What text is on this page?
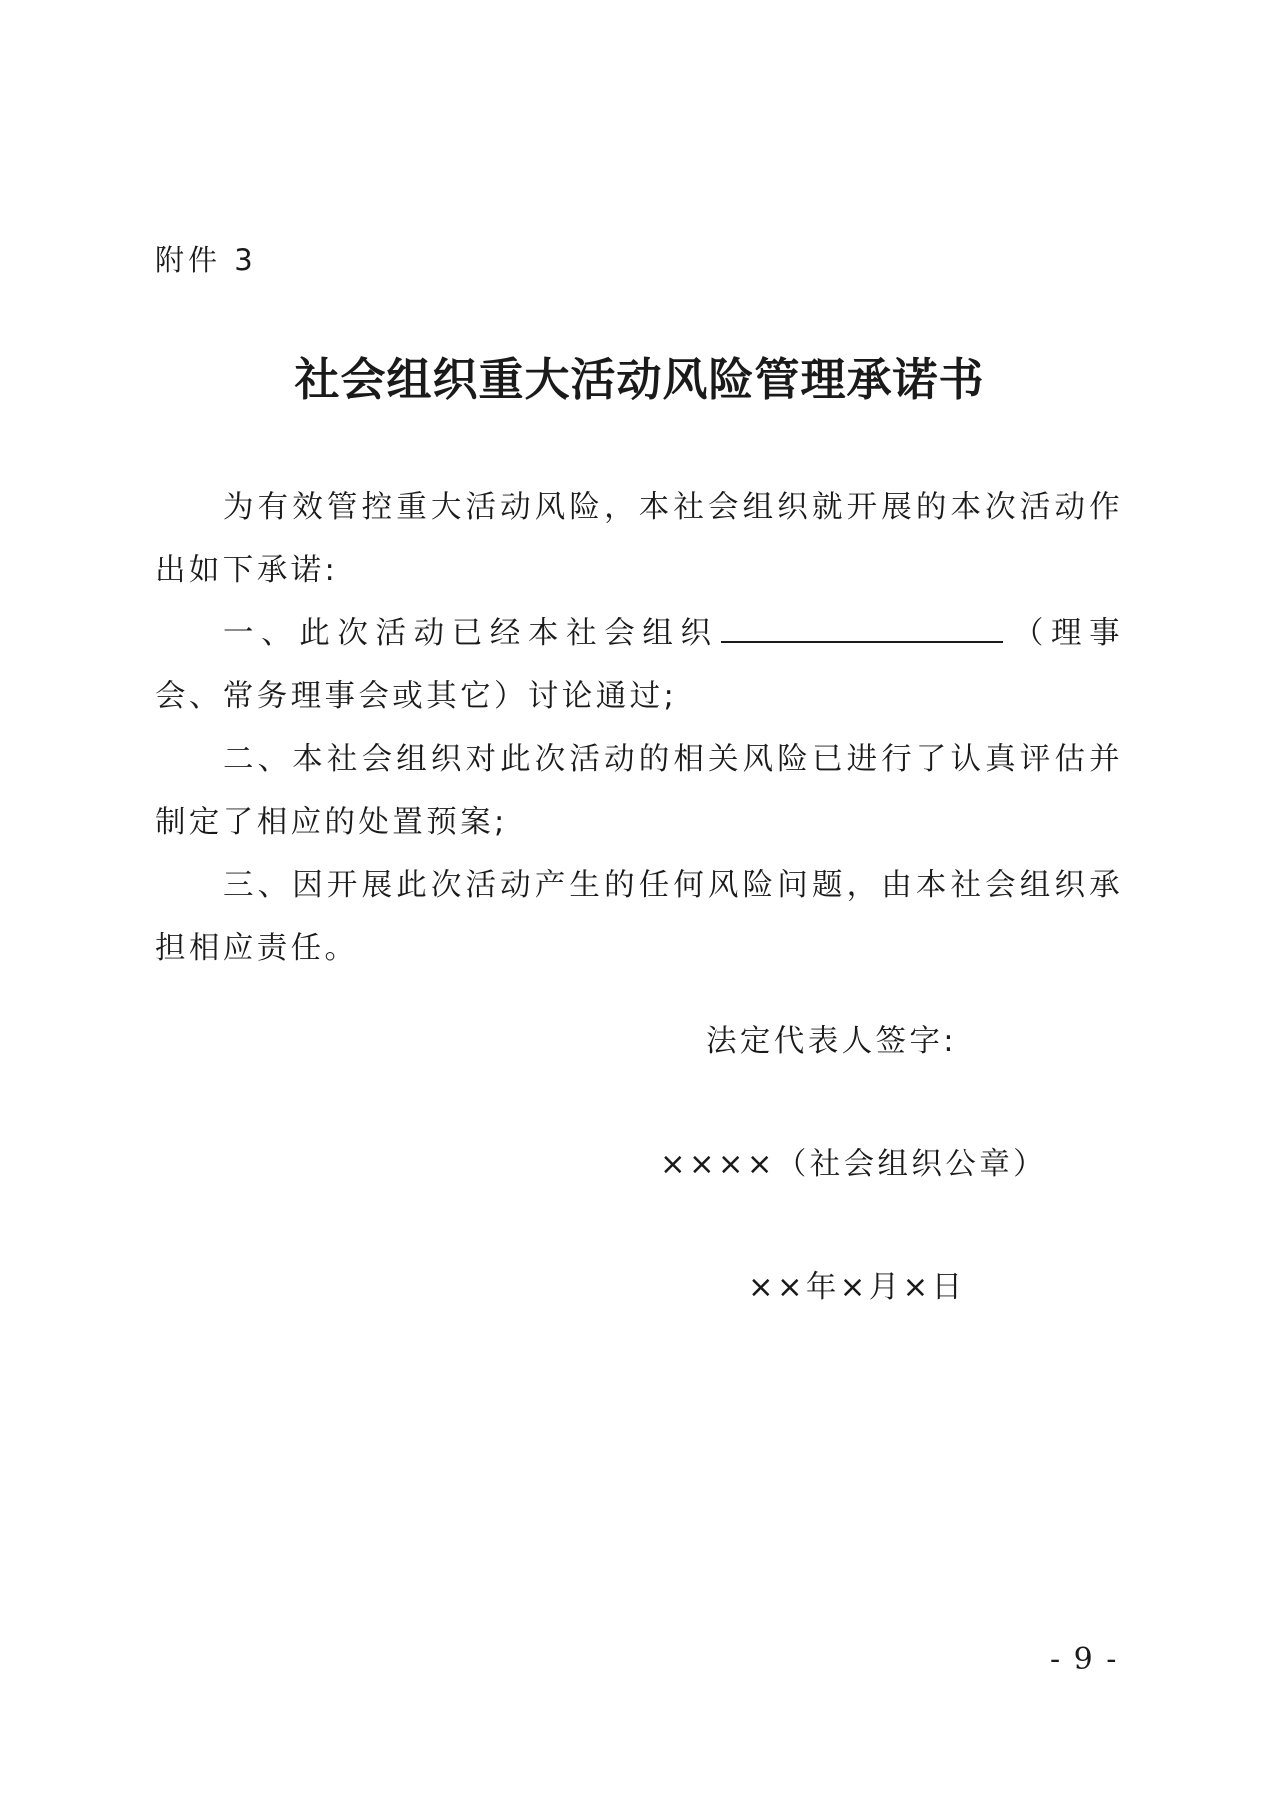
附件 3
社会组织重大活动风险管理承诺书

为有效管控重大活动风险，本社会组织就开展的本次活动作出如下承诺:

一、此次活动已经本社会组织	（理事会、常务理事会或其它）讨论通过;

二、本社会组织对此次活动的相关风险已进行了认真评估并制定了相应的处置预案;

三、因开展此次活动产生的任何风险问题，由本社会组织承担相应责任。

法定代表人签字:
××××（社会组织公章）
××年×月×日
- 9 -
